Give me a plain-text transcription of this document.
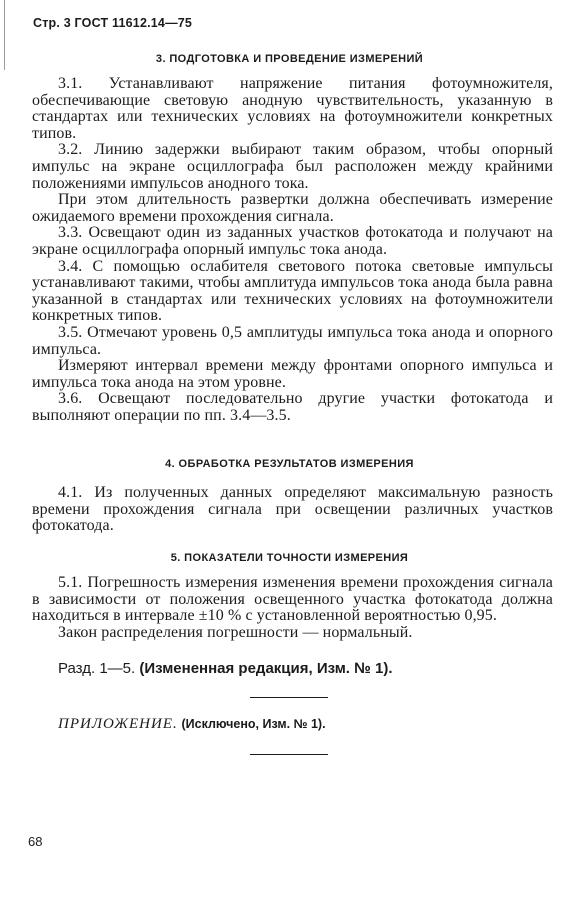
Стр. 3 ГОСТ 11612.14—75
3. ПОДГОТОВКА И ПРОВЕДЕНИЕ ИЗМЕРЕНИЙ

3.1. Устанавливают напряжение питания фотоумножителя, обеспечивающие световую анодную чувствительность, указанную в стандартах или технических условиях на фотоумножители конкретных типов.

3.2. Линию задержки выбирают таким образом, чтобы опорный импульс на экране осциллографа был расположен между крайними положениями импульсов анодного тока.

При этом длительность развертки должна обеспечивать измерение ожидаемого времени прохождения сигнала.

3.3. Освещают один из заданных участков фотокатода и получают на экране осциллографа опорный импульс тока анода.

3.4. С помощью ослабителя светового потока световые импульсы устанавливают такими, чтобы амплитуда импульсов тока анода была равна указанной в стандартах или технических условиях на фотоумножители конкретных типов.

3.5. Отмечают уровень 0,5 амплитуды импульса тока анода и опорного импульса.

Измеряют интервал времени между фронтами опорного импульса и импульса тока анода на этом уровне.

3.6. Освещают последовательно другие участки фотокатода и выполняют операции по пп. 3.4—3.5.

4. ОБРАБОТКА РЕЗУЛЬТАТОВ ИЗМЕРЕНИЯ

4.1. Из полученных данных определяют максимальную разность времени прохождения сигнала при освещении различных участков фотокатода.

5. ПОКАЗАТЕЛИ ТОЧНОСТИ ИЗМЕРЕНИЯ

5.1. Погрешность измерения изменения времени прохождения сигнала в зависимости от положения освещенного участка фотокатода должна находиться в интервале ±10 % с установленной вероятностью 0,95.

Закон распределения погрешности — нормальный.

Разд. 1—5. (Измененная редакция, Изм. № 1).
ПРИЛОЖЕНИЕ. (Исключено, Изм. № 1).
68
